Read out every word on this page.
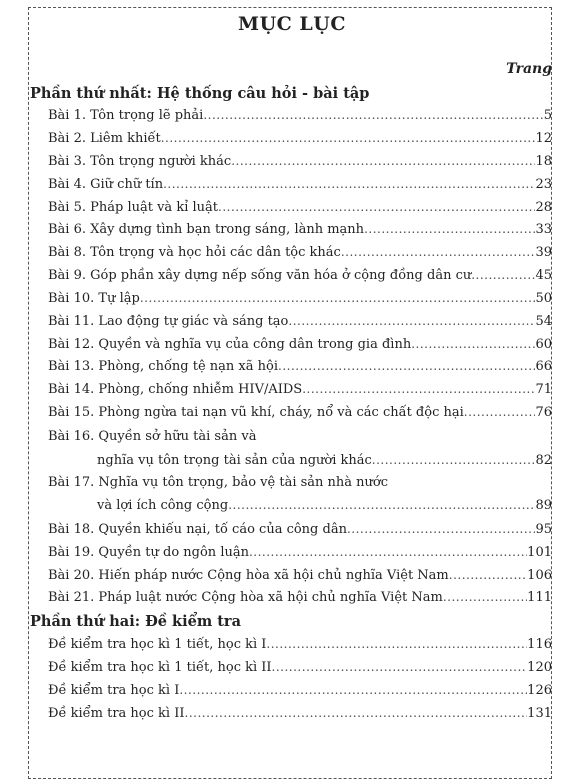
MỤC LỤC
Trang
Phần thứ nhất: Hệ thống câu hỏi - bài tập
Bài 1. Tôn trọng lẽ phải .....	5
Bài 2. Liêm khiết .....	12
Bài 3. Tôn trọng người khác .....	18
Bài 4. Giữ chữ tín .....	23
Bài 5. Pháp luật và kỉ luật .....	28
Bài 6. Xây dựng tình bạn trong sáng, lành mạnh .....	33
Bài 8. Tôn trọng và học hỏi các dân tộc khác .....	39
Bài 9. Góp phần xây dựng nếp sống văn hóa ở cộng đồng dân cư .....	45
Bài 10. Tự lập .....	50
Bài 11. Lao động tự giác và sáng tạo .....	54
Bài 12. Quyền và nghĩa vụ của công dân trong gia đình .....	60
Bài 13. Phòng, chống tệ nạn xã hội .....	66
Bài 14. Phòng, chống nhiễm HIV/AIDS .....	71
Bài 15. Phòng ngừa tai nạn vũ khí, cháy, nổ và các chất độc hại .....	76
Bài 16. Quyền sở hữu tài sản và
nghĩa vụ tôn trọng tài sản của người khác .....	82
Bài 17. Nghĩa vụ tôn trọng, bảo vệ tài sản nhà nước
và lợi ích công cộng .....	89
Bài 18. Quyền khiếu nại, tố cáo của công dân .....	95
Bài 19. Quyền tự do ngôn luận .....	101
Bài 20. Hiến pháp nước Cộng hòa xã hội chủ nghĩa Việt Nam .....	106
Bài 21. Pháp luật nước Cộng hòa xã hội chủ nghĩa Việt Nam .....	111
Phần thứ hai: Đề kiểm tra
Đề kiểm tra học kì 1 tiết, học kì I .....	116
Đề kiểm tra học kì 1 tiết, học kì II .....	120
Đề kiểm tra học kì I .....	126
Đề kiểm tra học kì II .....	131
